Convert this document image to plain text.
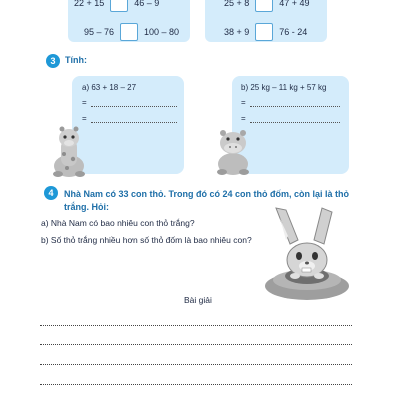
22 + 15	46 – 9	25 + 8	47 + 49
95 – 76	100 – 80	38 + 9	76 - 24
3	Tính:
a) 63 + 18 – 27
=
=
b) 25 kg – 11 kg + 57 kg
=
=
4	Nhà Nam có 33 con thỏ. Trong đó có 24 con thỏ đốm, còn lại là thỏ
trắng. Hỏi:
a) Nhà Nam có bao nhiêu con thỏ trắng?
b) Số thỏ trắng nhiều hơn số thỏ đốm là bao nhiêu con?
Bài giải
